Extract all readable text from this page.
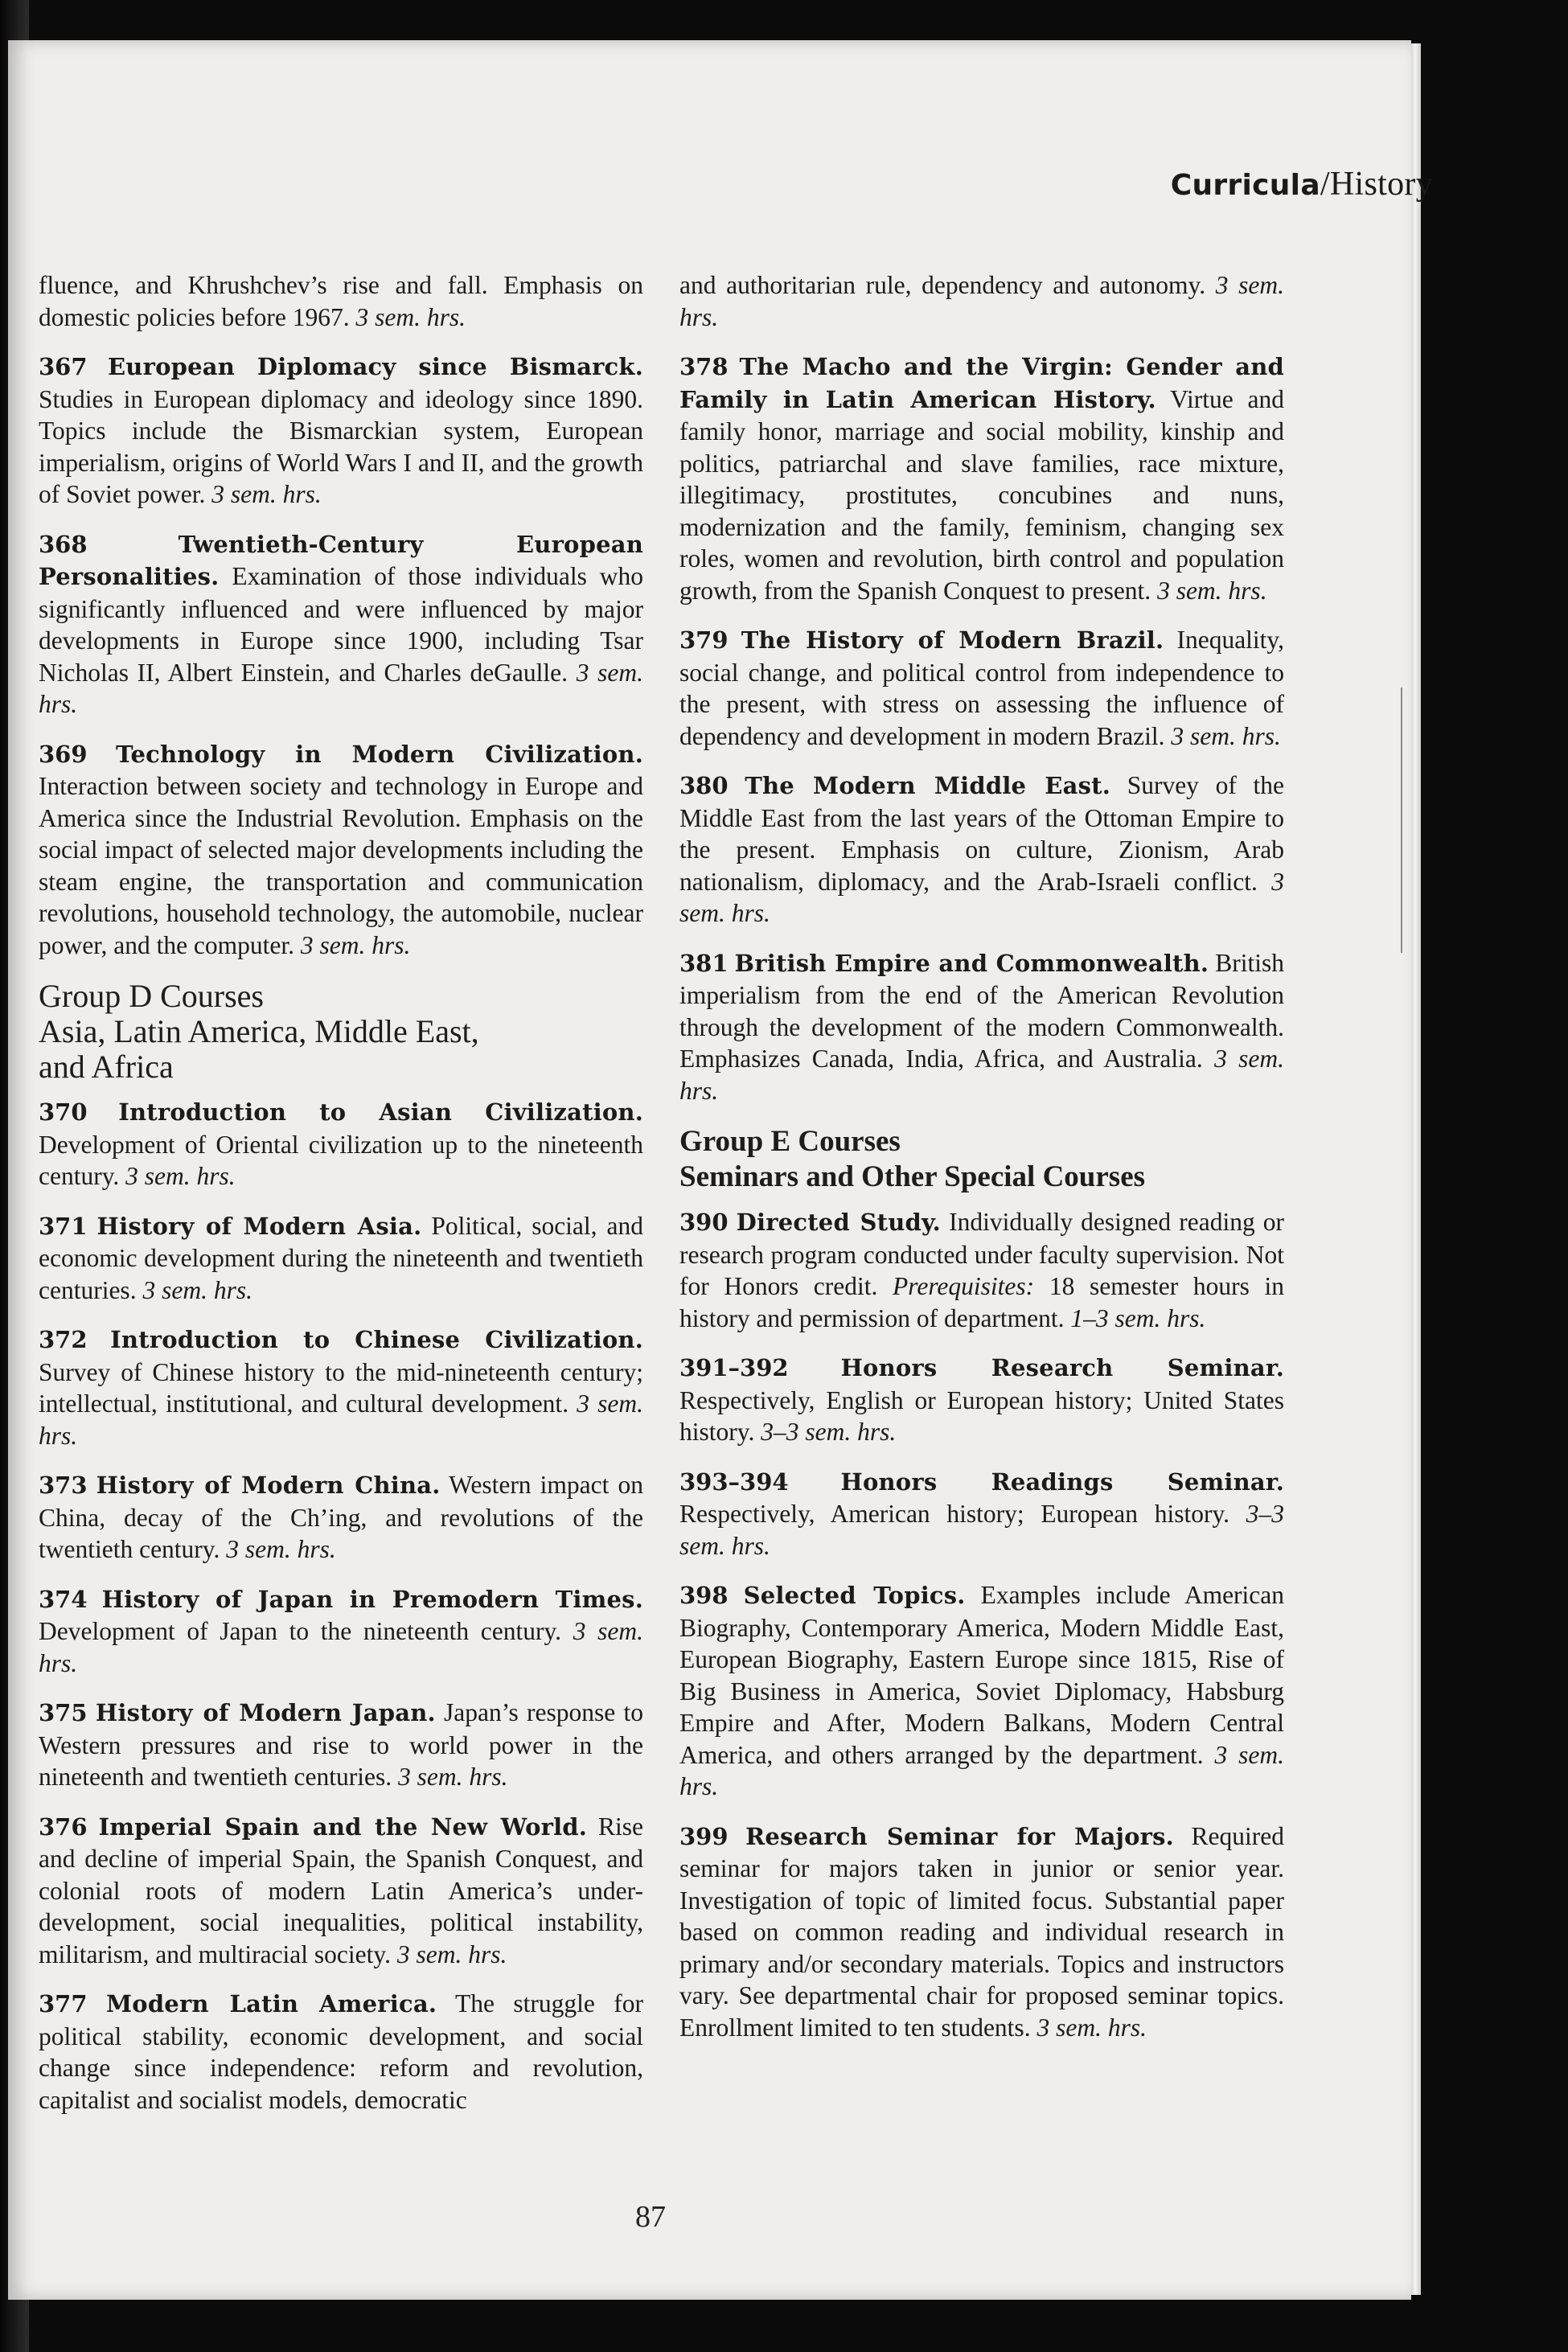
Curricula/History

fluence, and Khrushchev’s rise and fall. Emphasis on domestic policies before 1967. 3 sem. hrs.

367 European Diplomacy since Bismarck. Studies in European diplomacy and ideology since 1890. Topics include the Bismarckian system, European imperialism, origins of World Wars I and II, and the growth of Soviet power. 3 sem. hrs.

368	Twentieth-Century European Personalities. Examination of those individuals who significantly influenced and were influenced by major developments in Europe since 1900, including Tsar Nicholas II, Albert Einstein, and Charles deGaulle. 3 sem. hrs.

369 Technology in Modern Civilization. Interaction between society and technology in Europe and America since the Industrial Revolution. Emphasis on the social impact of selected major developments including the steam engine, the transportation and communication revolutions, household technology, the automobile, nuclear power, and the computer. 3 sem. hrs.

Group D Courses
Asia, Latin America, Middle East,
and Africa

370 Introduction to Asian Civilization. Development of Oriental civilization up to the nineteenth century. 3 sem. hrs.

371 History of Modern Asia. Political, social, and economic development during the nineteenth and twentieth centuries. 3 sem. hrs.

372 Introduction to Chinese Civilization. Survey of Chinese history to the mid-nineteenth century; intellectual, institutional, and cultural development. 3 sem. hrs.

373 History of Modern China. Western impact on China, decay of the Ch’ing, and revolutions of the twentieth century. 3 sem. hrs.

374 History of Japan in Premodern Times. Development of Japan to the nineteenth century. 3 sem. hrs.

375 History of Modern Japan. Japan’s response to Western pressures and rise to world power in the nineteenth and twentieth centuries. 3 sem. hrs.

376 Imperial Spain and the New World. Rise and decline of imperial Spain, the Spanish Conquest, and colonial roots of modern Latin America’s under-development, social inequalities, political instability, militarism, and multiracial society. 3 sem. hrs.

377 Modern Latin America. The struggle for political stability, economic development, and social change since independence: reform and revolution, capitalist and socialist models, democratic

and authoritarian rule, dependency and autonomy. 3 sem. hrs.

378 The Macho and the Virgin: Gender and Family in Latin American History. Virtue and family honor, marriage and social mobility, kinship and politics, patriarchal and slave families, race mixture, illegitimacy, prostitutes, concubines and nuns, modernization and the family, feminism, changing sex roles, women and revolution, birth control and population growth, from the Spanish Conquest to present. 3 sem. hrs.

379 The History of Modern Brazil. Inequality, social change, and political control from independence to the present, with stress on assessing the influence of dependency and development in modern Brazil. 3 sem. hrs.

380 The Modern Middle East. Survey of the Middle East from the last years of the Ottoman Empire to the present. Emphasis on culture, Zionism, Arab nationalism, diplomacy, and the Arab-Israeli conflict. 3 sem. hrs.

381 British Empire and Commonwealth. British imperialism from the end of the American Revolution through the development of the modern Commonwealth. Emphasizes Canada, India, Africa, and Australia. 3 sem. hrs.

Group E Courses
Seminars and Other Special Courses

390 Directed Study. Individually designed reading or research program conducted under faculty supervision. Not for Honors credit. Prerequisites: 18 semester hours in history and permission of department. 1–3 sem. hrs.

391–392 Honors Research Seminar. Respectively, English or European history; United States history. 3–3 sem. hrs.

393–394 Honors Readings Seminar. Respectively, American history; European history. 3–3 sem. hrs.

398 Selected Topics. Examples include American Biography, Contemporary America, Modern Middle East, European Biography, Eastern Europe since 1815, Rise of Big Business in America, Soviet Diplomacy, Habsburg Empire and After, Modern Balkans, Modern Central America, and others arranged by the department. 3 sem. hrs.

399 Research Seminar for Majors. Required seminar for majors taken in junior or senior year. Investigation of topic of limited focus. Substantial paper based on common reading and individual research in primary and/or secondary materials. Topics and instructors vary. See departmental chair for proposed seminar topics. Enrollment limited to ten students. 3 sem. hrs.

87
